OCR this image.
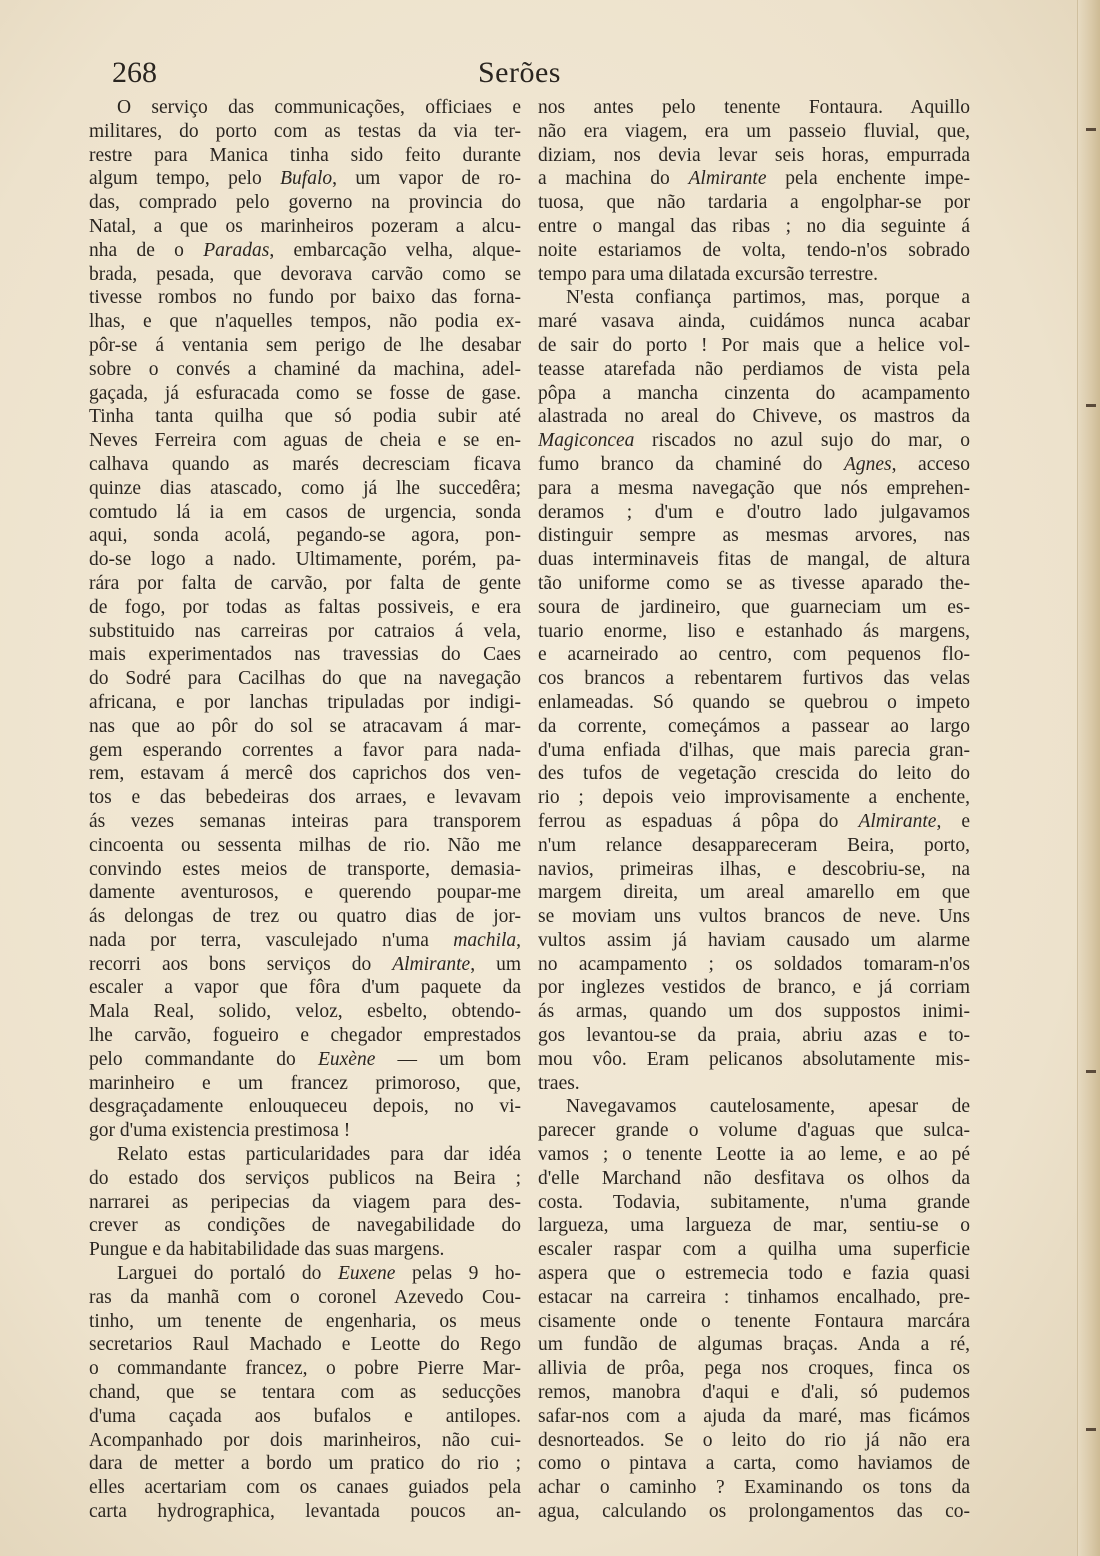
268	Serões
O serviço das communicações, officiaes e
militares, do porto com as testas da via ter-
restre para Manica tinha sido feito durante
algum tempo, pelo Bufalo, um vapor de ro-
das, comprado pelo governo na provincia do
Natal, a que os marinheiros pozeram a alcu-
nha de o Paradas, embarcação velha, alque-
brada, pesada, que devorava carvão como se
tivesse rombos no fundo por baixo das forna-
lhas, e que n'aquelles tempos, não podia ex-
pôr-se á ventania sem perigo de lhe desabar
sobre o convés a chaminé da machina, adel-
gaçada, já esfuracada como se fosse de gase.
Tinha tanta quilha que só podia subir até
Neves Ferreira com aguas de cheia e se en-
calhava quando as marés decresciam ficava
quinze dias atascado, como já lhe succedêra;
comtudo lá ia em casos de urgencia, sonda
aqui, sonda acolá, pegando-se agora, pon-
do-se logo a nado. Ultimamente, porém, pa-
rára por falta de carvão, por falta de gente
de fogo, por todas as faltas possiveis, e era
substituido nas carreiras por catraios á vela,
mais experimentados nas travessias do Caes
do Sodré para Cacilhas do que na navegação
africana, e por lanchas tripuladas por indigi-
nas que ao pôr do sol se atracavam á mar-
gem esperando correntes a favor para nada-
rem, estavam á mercê dos caprichos dos ven-
tos e das bebedeiras dos arraes, e levavam
ás vezes semanas inteiras para transporem
cincoenta ou sessenta milhas de rio. Não me
convindo estes meios de transporte, demasia-
damente aventurosos, e querendo poupar-me
ás delongas de trez ou quatro dias de jor-
nada por terra, vasculejado n'uma machila,
recorri aos bons serviços do Almirante, um
escaler a vapor que fôra d'um paquete da
Mala Real, solido, veloz, esbelto, obtendo-
lhe carvão, fogueiro e chegador emprestados
pelo commandante do Euxène — um bom
marinheiro e um francez primoroso, que,
desgraçadamente enlouqueceu depois, no vi-
gor d'uma existencia prestimosa !
Relato estas particularidades para dar idéa
do estado dos serviços publicos na Beira ;
narrarei as peripecias da viagem para des-
crever as condições de navegabilidade do
Pungue e da habitabilidade das suas margens.
Larguei do portaló do Euxene pelas 9 ho-
ras da manhã com o coronel Azevedo Cou-
tinho, um tenente de engenharia, os meus
secretarios Raul Machado e Leotte do Rego
o commandante francez, o pobre Pierre Mar-
chand, que se tentara com as seducções
d'uma caçada aos bufalos e antilopes.
Acompanhado por dois marinheiros, não cui-
dara de metter a bordo um pratico do rio ;
elles acertariam com os canaes guiados pela
carta hydrographica, levantada poucos an-
nos antes pelo tenente Fontaura. Aquillo
não era viagem, era um passeio fluvial, que,
diziam, nos devia levar seis horas, empurrada
a machina do Almirante pela enchente impe-
tuosa, que não tardaria a engolphar-se por
entre o mangal das ribas ; no dia seguinte á
noite estariamos de volta, tendo-n'os sobrado
tempo para uma dilatada excursão terrestre.
N'esta confiança partimos, mas, porque a
maré vasava ainda, cuidámos nunca acabar
de sair do porto ! Por mais que a helice vol-
teasse atarefada não perdiamos de vista pela
pôpa a mancha cinzenta do acampamento
alastrada no areal do Chiveve, os mastros da
Magiconcea riscados no azul sujo do mar, o
fumo branco da chaminé do Agnes, acceso
para a mesma navegação que nós emprehen-
deramos ; d'um e d'outro lado julgavamos
distinguir sempre as mesmas arvores, nas
duas interminaveis fitas de mangal, de altura
tão uniforme como se as tivesse aparado the-
soura de jardineiro, que guarneciam um es-
tuario enorme, liso e estanhado ás margens,
e acarneirado ao centro, com pequenos flo-
cos brancos a rebentarem furtivos das velas
enlameadas. Só quando se quebrou o impeto
da corrente, começámos a passear ao largo
d'uma enfiada d'ilhas, que mais parecia gran-
des tufos de vegetação crescida do leito do
rio ; depois veio improvisamente a enchente,
ferrou as espaduas á pôpa do Almirante, e
n'um relance desappareceram Beira, porto,
navios, primeiras ilhas, e descobriu-se, na
margem direita, um areal amarello em que
se moviam uns vultos brancos de neve. Uns
vultos assim já haviam causado um alarme
no acampamento ; os soldados tomaram-n'os
por inglezes vestidos de branco, e já corriam
ás armas, quando um dos suppostos inimi-
gos levantou-se da praia, abriu azas e to-
mou vôo. Eram pelicanos absolutamente mis-
traes.
Navegavamos cautelosamente, apesar de
parecer grande o volume d'aguas que sulca-
vamos ; o tenente Leotte ia ao leme, e ao pé
d'elle Marchand não desfitava os olhos da
costa. Todavia, subitamente, n'uma grande
largueza, uma largueza de mar, sentiu-se o
escaler raspar com a quilha uma superficie
aspera que o estremecia todo e fazia quasi
estacar na carreira : tinhamos encalhado, pre-
cisamente onde o tenente Fontaura marcára
um fundão de algumas braças. Anda a ré,
allivia de prôa, pega nos croques, finca os
remos, manobra d'aqui e d'ali, só pudemos
safar-nos com a ajuda da maré, mas ficámos
desnorteados. Se o leito do rio já não era
como o pintava a carta, como haviamos de
achar o caminho ? Examinando os tons da
agua, calculando os prolongamentos das co-
